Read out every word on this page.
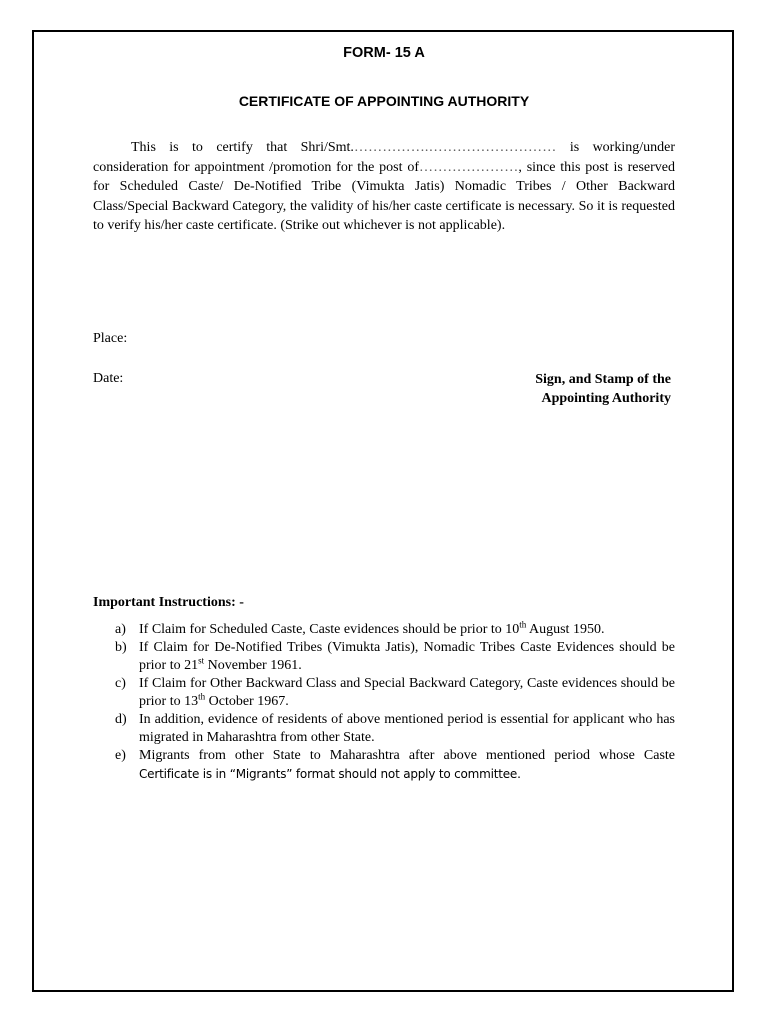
FORM- 15 A
CERTIFICATE OF APPOINTING AUTHORITY

This is to certify that Shri/Smt.…………….……………………… is working/under consideration for appointment /promotion for the post of…………………, since this post is reserved for Scheduled Caste/ De-Notified Tribe (Vimukta Jatis) Nomadic Tribes / Other Backward Class/Special Backward Category, the validity of his/her caste certificate is necessary. So it is requested to verify his/her caste certificate. (Strike out whichever is not applicable).

Place:

Date:	Sign, and Stamp of the
Appointing Authority

Important Instructions: -

a) If Claim for Scheduled Caste, Caste evidences should be prior to 10th August 1950.
b) If Claim for De-Notified Tribes (Vimukta Jatis), Nomadic Tribes Caste Evidences should be prior to 21st November 1961.
c) If Claim for Other Backward Class and Special Backward Category, Caste evidences should be prior to 13th October 1967.
d) In addition, evidence of residents of above mentioned period is essential for applicant who has migrated in Maharashtra from other State.
e) Migrants from other State to Maharashtra after above mentioned period whose Caste Certificate is in “Migrants” format should not apply to committee.
